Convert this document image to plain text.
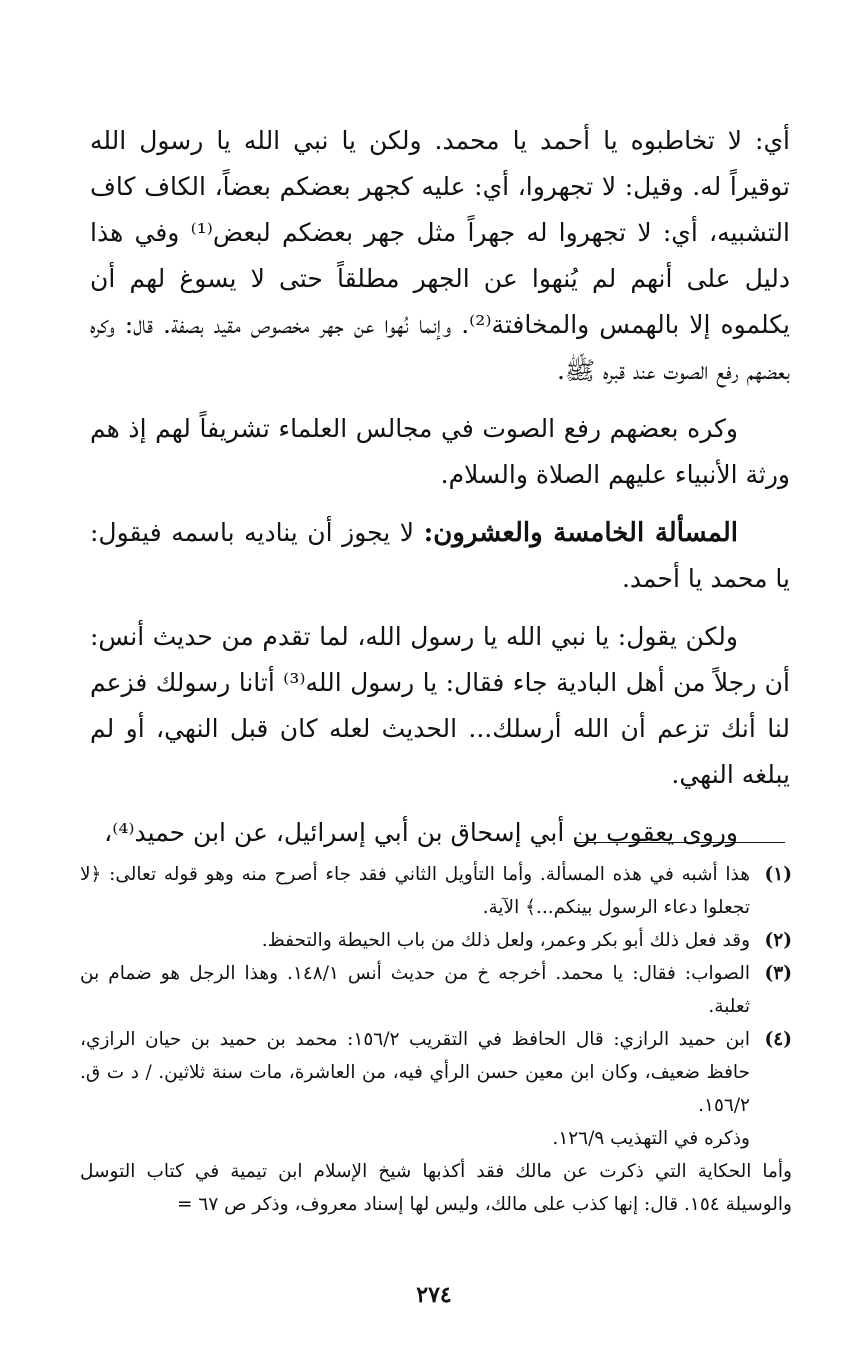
أي: لا تخاطبوه يا أحمد يا محمد. ولكن يا نبي الله يا رسول الله توقيراً له. وقيل: لا تجهروا، أي: عليه كجهر بعضكم بعضاً، الكاف كاف التشبيه، أي: لا تجهروا له جهراً مثل جهر بعضكم لبعض⁽¹⁾ وفي هذا دليل على أنهم لم يُنهوا عن الجهر مطلقاً حتى لا يسوغ لهم أن يكلموه إلا بالهمس والمخافتة⁽²⁾. وإنما نُهوا عن جهر مخصوص مقيد بصفة. قال: وكره بعضهم رفع الصوت عند قبره ﷺ.

وكره بعضهم رفع الصوت في مجالس العلماء تشريفاً لهم إذ هم ورثة الأنبياء عليهم الصلاة والسلام.

المسألة الخامسة والعشرون: لا يجوز أن يناديه باسمه فيقول: يا محمد يا أحمد.

ولكن يقول: يا نبي الله يا رسول الله، لما تقدم من حديث أنس: أن رجلاً من أهل البادية جاء فقال: يا رسول الله⁽³⁾ أتانا رسولك فزعم لنا أنك تزعم أن الله أرسلك... الحديث لعله كان قبل النهي، أو لم يبلغه النهي.

وروى يعقوب بن أبي إسحاق بن أبي إسرائيل، عن ابن حميد⁽⁴⁾،

(١)
هذا أشبه في هذه المسألة. وأما التأويل الثاني فقد جاء أصرح منه وهو قوله تعالى: ﴿لا تجعلوا دعاء الرسول بينكم...﴾ الآية.
(٢)
وقد فعل ذلك أبو بكر وعمر، ولعل ذلك من باب الحيطة والتحفظ.
(٣)
الصواب: فقال: يا محمد. أخرجه خ من حديث أنس ١٤٨/١. وهذا الرجل هو ضمام بن ثعلبة.
(٤)
ابن حميد الرازي: قال الحافظ في التقريب ١٥٦/٢: محمد بن حميد بن حيان الرازي، حافظ ضعيف، وكان ابن معين حسن الرأي فيه، من العاشرة، مات سنة ثلاثين. / د ت ق. ١٥٦/٢.

وذكره في التهذيب ١٢٦/٩.

وأما الحكاية التي ذكرت عن مالك فقد أكذبها شيخ الإسلام ابن تيمية في كتاب التوسل والوسيلة ١٥٤. قال: إنها كذب على مالك، وليس لها إسناد معروف، وذكر ص ٦٧ =

٢٧٤
